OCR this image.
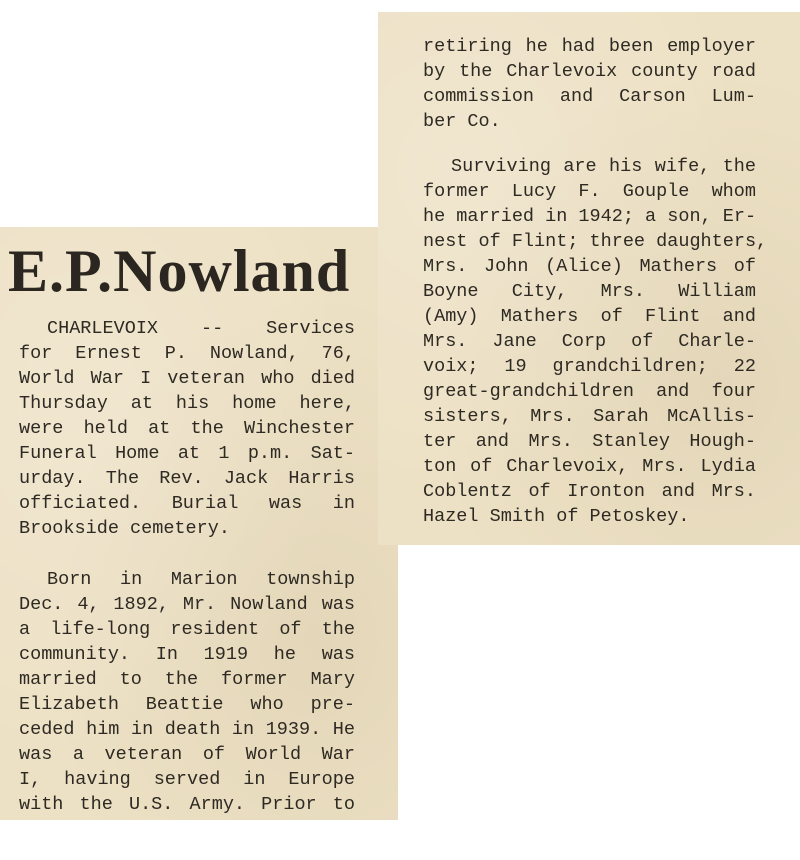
E.P.Nowland
CHARLEVOIX -- Services
for Ernest P. Nowland, 76,
World War I veteran who died
Thursday at his home here,
were held at the Winchester
Funeral Home at 1 p.m. Sat-
urday. The Rev. Jack Harris
officiated. Burial was in
Brookside cemetery.
Born in Marion township
Dec. 4, 1892, Mr. Nowland was
a life-long resident of the
community. In 1919 he was
married to the former Mary
Elizabeth Beattie who pre-
ceded him in death in 1939. He
was a veteran of World War
I, having served in Europe
with the U.S. Army. Prior to
retiring he had been employer
by the Charlevoix county road
commission and Carson Lum-
ber Co.
Surviving are his wife, the
former Lucy F. Gouple whom
he married in 1942; a son, Er-
nest of Flint; three daughters,
Mrs. John (Alice) Mathers of
Boyne City, Mrs. William
(Amy) Mathers of Flint and
Mrs. Jane Corp of Charle-
voix; 19 grandchildren; 22
great-grandchildren and four
sisters, Mrs. Sarah McAllis-
ter and Mrs. Stanley Hough-
ton of Charlevoix, Mrs. Lydia
Coblentz of Ironton and Mrs.
Hazel Smith of Petoskey.
